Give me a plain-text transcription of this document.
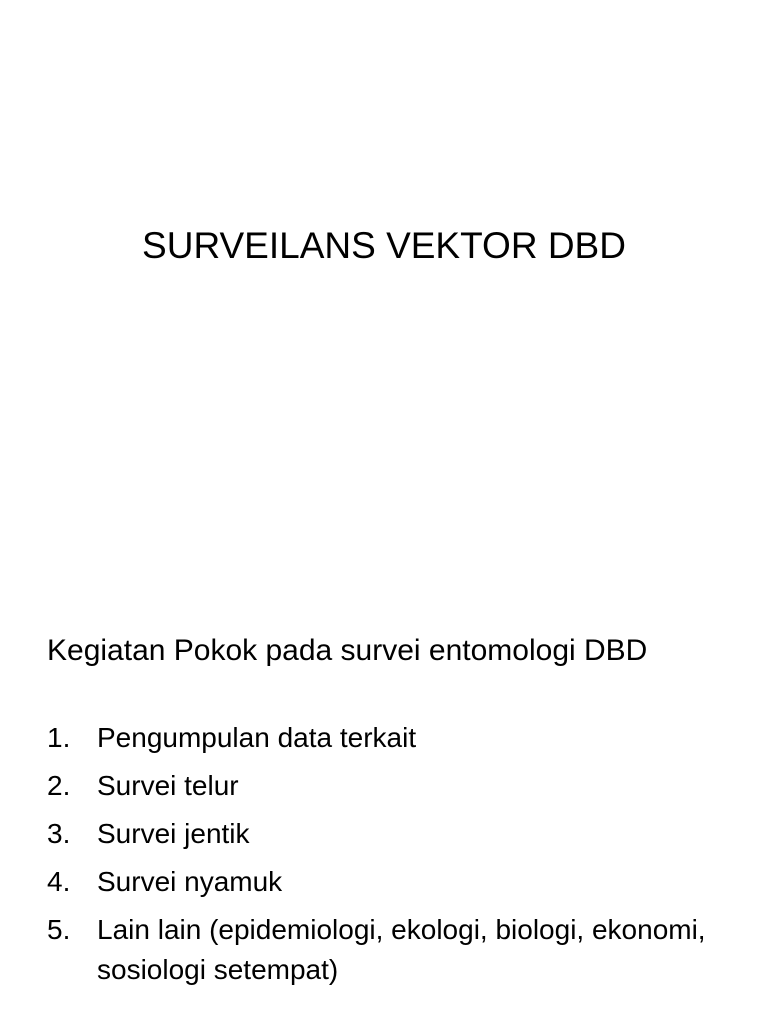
SURVEILANS VEKTOR DBD
Kegiatan Pokok pada survei entomologi DBD
1. Pengumpulan data terkait
2. Survei telur
3. Survei jentik
4. Survei nyamuk
5. Lain lain (epidemiologi, ekologi, biologi, ekonomi, sosiologi setempat)
